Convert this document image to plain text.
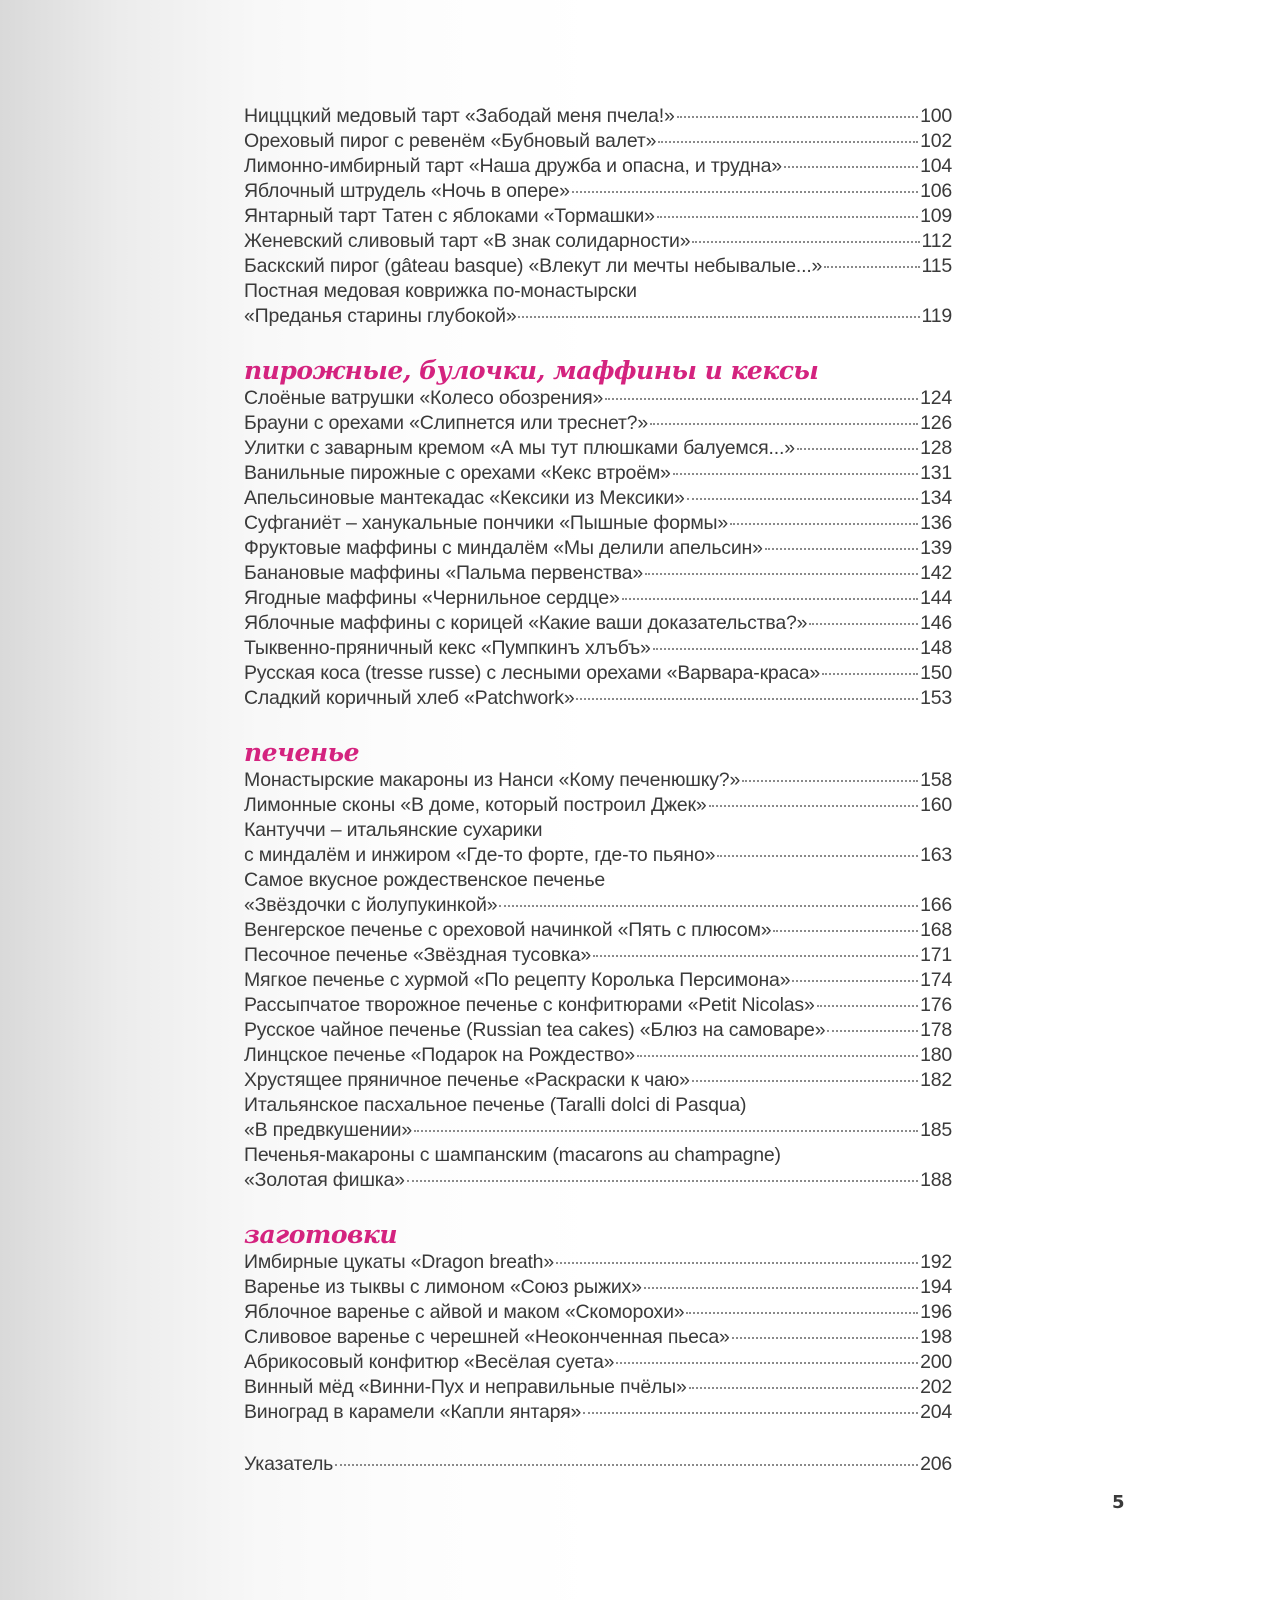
Ницццкий медовый тарт «Забодай меня пчела!»	100
Ореховый пирог с ревенём «Бубновый валет»	102
Лимонно-имбирный тарт «Наша дружба и опасна, и трудна»	104
Яблочный штрудель «Ночь в опере»	106
Янтарный тарт Татен с яблоками «Тормашки»	109
Женевский сливовый тарт «В знак солидарности»	112
Баскский пирог (gâteau basque) «Влекут ли мечты небывалые...»	115
Постная медовая коврижка по-монастырски
«Преданья старины глубокой»	119
пирожные, булочки, маффины и кексы
Слоёные ватрушки «Колесо обозрения»	124
Брауни с орехами «Слипнется или треснет?»	126
Улитки с заварным кремом «А мы тут плюшками балуемся...»	128
Ванильные пирожные с орехами «Кекс втроём»	131
Апельсиновые мантекадас «Кексики из Мексики»	134
Суфганиёт – ханукальные пончики «Пышные формы»	136
Фруктовые маффины с миндалём «Мы делили апельсин»	139
Банановые маффины «Пальма первенства»	142
Ягодные маффины «Чернильное сердце»	144
Яблочные маффины с корицей «Какие ваши доказательства?»	146
Тыквенно-пряничный кекс «Пумпкинъ хлъбъ»	148
Русская коса (tresse russe) с лесными орехами «Варвара-краса»	150
Сладкий коричный хлеб «Patchwork»	153
печенье
Монастырские макароны из Нанси «Кому печенюшку?»	158
Лимонные сконы «В доме, который построил Джек»	160
Кантуччи – итальянские сухарики
с миндалём и инжиром «Где-то форте, где-то пьяно»	163
Самое вкусное рождественское печенье
«Звёздочки с йолупукинкой»	166
Венгерское печенье с ореховой начинкой «Пять с плюсом»	168
Песочное печенье «Звёздная тусовка»	171
Мягкое печенье с хурмой «По рецепту Королька Персимона»	174
Рассыпчатое творожное печенье с конфитюрами «Petit Nicolas»	176
Русское чайное печенье (Russian tea cakes) «Блюз на самоваре»	178
Линцское печенье «Подарок на Рождество»	180
Хрустящее пряничное печенье «Раскраски к чаю»	182
Итальянское пасхальное печенье (Taralli dolci di Pasqua)
«В предвкушении»	185
Печенья-макароны с шампанским (macarons au champagne)
«Золотая фишка»	188
заготовки
Имбирные цукаты «Dragon breath»	192
Варенье из тыквы с лимоном «Союз рыжих»	194
Яблочное варенье с айвой и маком «Скоморохи»	196
Сливовое варенье с черешней «Неоконченная пьеса»	198
Абрикосовый конфитюр «Весёлая суета»	200
Винный мёд «Винни-Пух и неправильные пчёлы»	202
Виноград в карамели «Капли янтаря»	204
Указатель	206
5
